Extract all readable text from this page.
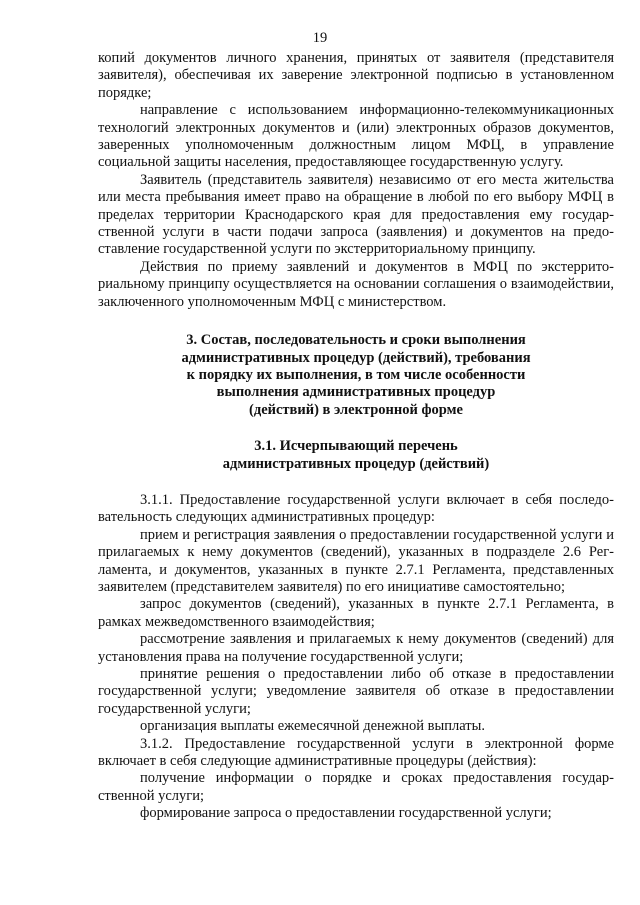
19

копий документов личного хранения, принятых от заявителя (представителя заявителя), обеспечивая их заверение электронной подписью в установленном порядке;

направление с использованием информационно-телекоммуникационных технологий электронных документов и (или) электронных образов документов, заверенных уполномоченным должностным лицом МФЦ, в управление социальной защиты населения, предоставляющее государственную услугу.

Заявитель (представитель заявителя) независимо от его места жительства или места пребывания имеет право на обращение в любой по его выбору МФЦ в пределах территории Краснодарского края для предоставления ему государственной услуги в части подачи запроса (заявления) и документов на предоставление государственной услуги по экстерриториальному принципу.

Действия по приему заявлений и документов в МФЦ по экстерриториальному принципу осуществляется на основании соглашения о взаимодействии, заключенного уполномоченным МФЦ с министерством.

3. Состав, последовательность и сроки выполнения
административных процедур (действий), требования
к порядку их выполнения, в том числе особенности
выполнения административных процедур
(действий) в электронной форме
3.1. Исчерпывающий перечень
административных процедур (действий)

3.1.1. Предоставление государственной услуги включает в себя последовательность следующих административных процедур:

прием и регистрация заявления о предоставлении государственной услуги и прилагаемых к нему документов (сведений), указанных в подразделе 2.6 Регламента, и документов, указанных в пункте 2.7.1 Регламента, представленных заявителем (представителем заявителя) по его инициативе самостоятельно;

запрос документов (сведений), указанных в пункте 2.7.1 Регламента, в рамках межведомственного взаимодействия;

рассмотрение заявления и прилагаемых к нему документов (сведений) для установления права на получение государственной услуги;

принятие решения о предоставлении либо об отказе в предоставлении государственной услуги; уведомление заявителя об отказе в предоставлении государственной услуги;

организация выплаты ежемесячной денежной выплаты.

3.1.2. Предоставление государственной услуги в электронной форме включает в себя следующие административные процедуры (действия):

получение информации о порядке и сроках предоставления государственной услуги;

формирование запроса о предоставлении государственной услуги;
